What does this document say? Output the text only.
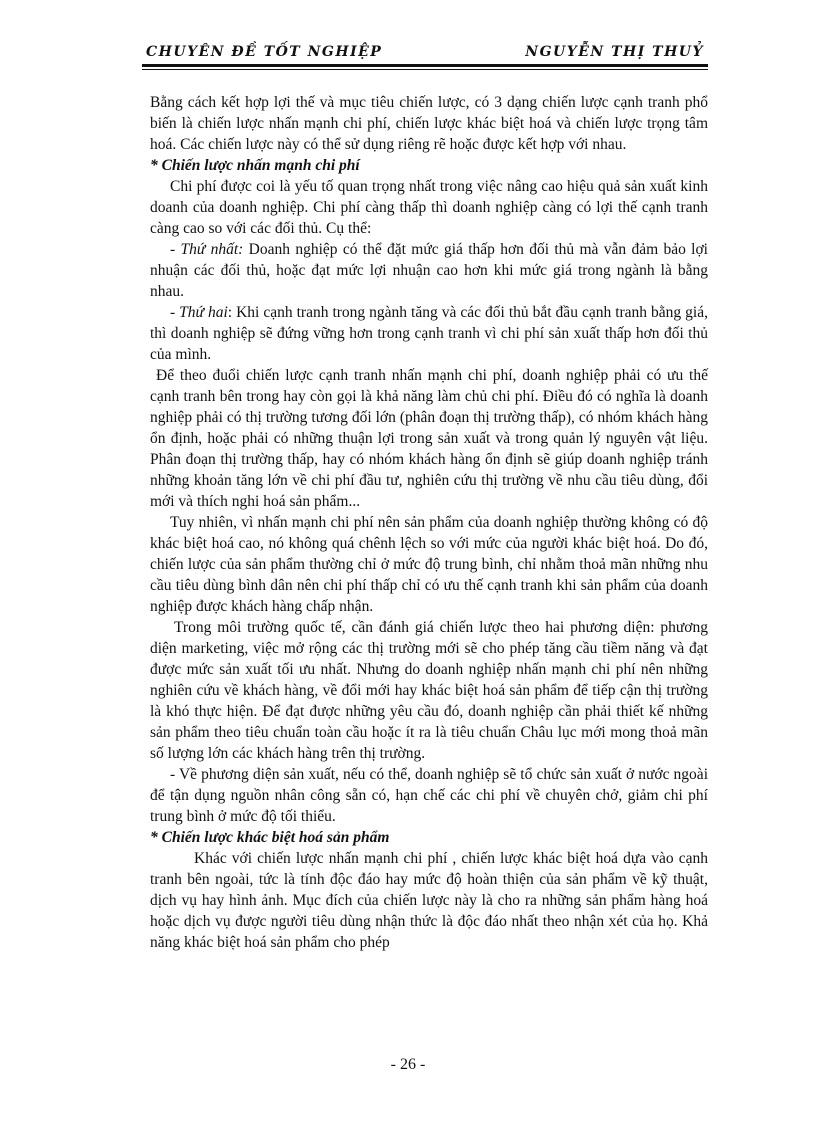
CHUYÊN ĐỀ TỐT NGHIỆP	NGUYỄN THỊ THUỶ

Bằng cách kết hợp lợi thế và mục tiêu chiến lược, có 3 dạng chiến lược cạnh tranh phổ biến là chiến lược nhấn mạnh chi phí, chiến lược khác biệt hoá và chiến lược trọng tâm hoá. Các chiến lược này có thể sử dụng riêng rẽ hoặc được kết hợp với nhau.

* Chiến lược nhấn mạnh chi phí

Chi phí được coi là yếu tố quan trọng nhất trong việc nâng cao hiệu quả sản xuất kinh doanh của doanh nghiệp. Chi phí càng thấp thì doanh nghiệp càng có lợi thế cạnh tranh càng cao so với các đối thủ. Cụ thể:

- Thứ nhất: Doanh nghiệp có thể đặt mức giá thấp hơn đối thủ mà vẫn đảm bảo lợi nhuận các đối thủ, hoặc đạt mức lợi nhuận cao hơn khi mức giá trong ngành là bằng nhau.

- Thứ hai: Khi cạnh tranh trong ngành tăng và các đối thủ bắt đầu cạnh tranh bằng giá, thì doanh nghiệp sẽ đứng vững hơn trong cạnh tranh vì chi phí sản xuất thấp hơn đối thủ của mình.

Để theo đuổi chiến lược cạnh tranh nhấn mạnh chi phí, doanh nghiệp phải có ưu thế cạnh tranh bên trong hay còn gọi là khả năng làm chủ chi phí. Điều đó có nghĩa là doanh nghiệp phải có thị trường tương đối lớn (phân đoạn thị trường thấp), có nhóm khách hàng ổn định, hoặc phải có những thuận lợi trong sản xuất và trong quản lý nguyên vật liệu. Phân đoạn thị trường thấp, hay có nhóm khách hàng ổn định sẽ giúp doanh nghiệp tránh những khoản tăng lớn về chi phí đầu tư, nghiên cứu thị trường về nhu cầu tiêu dùng, đổi mới và thích nghi hoá sản phẩm...

Tuy nhiên, vì nhấn mạnh chi phí nên sản phẩm của doanh nghiệp thường không có độ khác biệt hoá cao, nó không quá chênh lệch so với mức của người khác biệt hoá. Do đó, chiến lược của sản phẩm thường chỉ ở mức độ trung bình, chỉ nhằm thoả mãn những nhu cầu tiêu dùng bình dân nên chi phí thấp chỉ có ưu thế cạnh tranh khi sản phẩm của doanh nghiệp được khách hàng chấp nhận.

Trong môi trường quốc tế, cần đánh giá chiến lược theo hai phương diện: phương diện marketing, việc mở rộng các thị trường mới sẽ cho phép tăng cầu tiềm năng và đạt được mức sản xuất tối ưu nhất. Nhưng do doanh nghiệp nhấn mạnh chi phí nên những nghiên cứu về khách hàng, về đổi mới hay khác biệt hoá sản phẩm để tiếp cận thị trường là khó thực hiện. Để đạt được những yêu cầu đó, doanh nghiệp cần phải thiết kế những sản phẩm theo tiêu chuẩn toàn cầu hoặc ít ra là tiêu chuẩn Châu lục mới mong thoả mãn số lượng lớn các khách hàng trên thị trường.

- Về phương diện sản xuất, nếu có thể, doanh nghiệp sẽ tổ chức sản xuất ở nước ngoài để tận dụng nguồn nhân công sẵn có, hạn chế các chi phí về chuyên chở, giảm chi phí trung bình ở mức độ tối thiểu.

* Chiến lược khác biệt hoá sản phẩm

Khác với chiến lược nhấn mạnh chi phí , chiến lược khác biệt hoá dựa vào cạnh tranh bên ngoài, tức là tính độc đáo hay mức độ hoàn thiện của sản phẩm về kỹ thuật, dịch vụ hay hình ảnh. Mục đích của chiến lược này là cho ra những sản phẩm hàng hoá hoặc dịch vụ được người tiêu dùng nhận thức là độc đáo nhất theo nhận xét của họ. Khả năng khác biệt hoá sản phẩm cho phép

- 26 -
